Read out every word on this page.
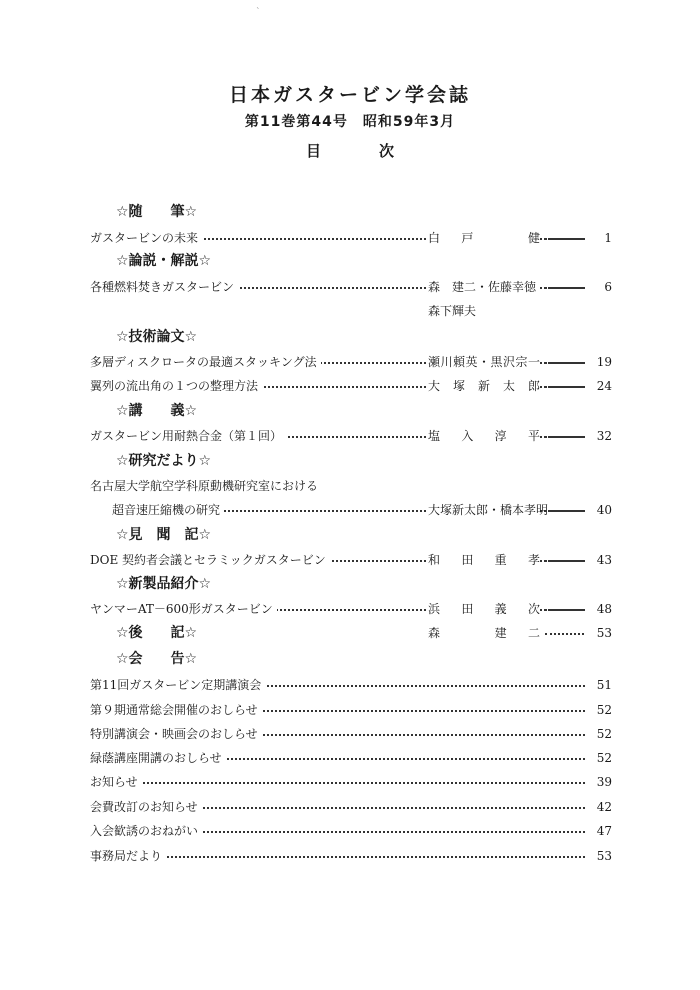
ˋ
日本ガスタービン学会誌
第11巻第44号　昭和59年3月
目	次
☆随　　筆☆
ガスタービンの未来	白　戸　　　健	1
☆論説・解説☆
各種燃料焚きガスタービン	森　建二・佐藤幸徳	6
森下輝夫
☆技術論文☆
多層ディスクロータの最適スタッキング法	瀬川頼英・黒沢宗一	19
翼列の流出角の１つの整理方法	大塚新太郎	24
☆講　　義☆
ガスタービン用耐熱合金（第１回）	塩入淳平	32
☆研究だより☆
名古屋大学航空学科原動機研究室における
超音速圧縮機の研究	大塚新太郎・橋本孝明	40
☆見　聞　記☆
DOE 契約者会議とセラミックガスタービン	和田重孝	43
☆新製品紹介☆
ヤンマーAT－600形ガスタービン	浜田義次	48
☆後　　記☆	森　　　建　二	53
☆会　　告☆
第11回ガスタービン定期講演会	51
第９期通常総会開催のおしらせ	52
特別講演会・映画会のおしらせ	52
緑蔭講座開講のおしらせ	52
お知らせ	39
会費改訂のお知らせ	42
入会歓誘のおねがい	47
事務局だより	53
